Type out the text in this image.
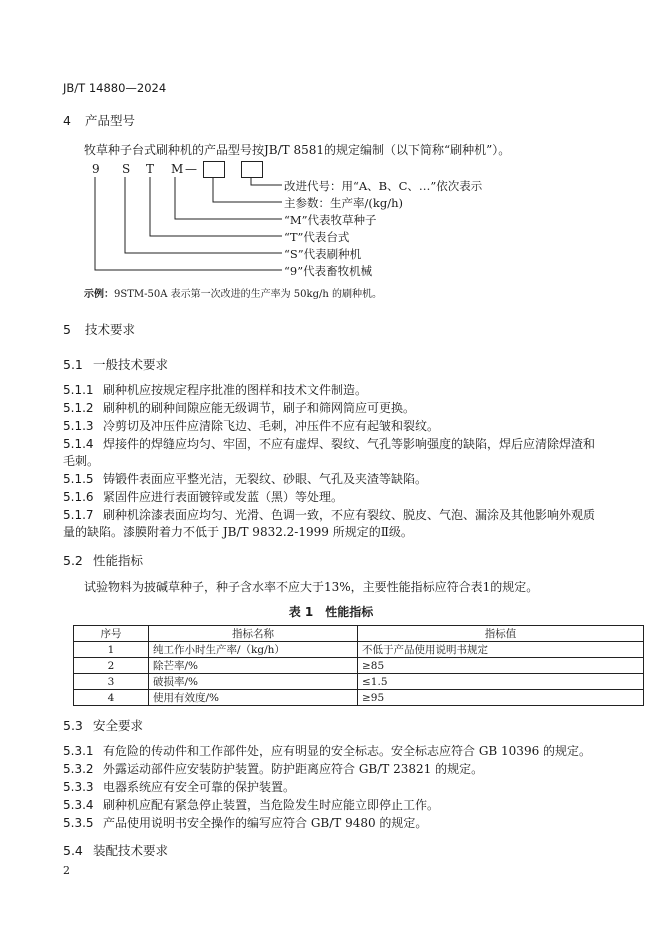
JB/T 14880—2024
4 产品型号
牧草种子台式刷种机的产品型号按JB/T 8581的规定编制（以下简称“刷种机”）。
9 S T M —
改进代号：用“A、B、C、…”依次表示
主参数：生产率/(kg/h)
“M”代表牧草种子
“T”代表台式
“S”代表刷种机
“9”代表畜牧机械
示例：9STM-50A 表示第一次改进的生产率为 50kg/h 的刷种机。
5 技术要求
5.1 一般技术要求
5.1.1 刷种机应按规定程序批准的图样和技术文件制造。
5.1.2 刷种机的刷种间隙应能无级调节，刷子和筛网筒应可更换。
5.1.3 冷剪切及冲压件应清除飞边、毛刺，冲压件不应有起皱和裂纹。
5.1.4 焊接件的焊缝应均匀、牢固，不应有虚焊、裂纹、气孔等影响强度的缺陷，焊后应清除焊渣和
毛刺。
5.1.5 铸锻件表面应平整光洁，无裂纹、砂眼、气孔及夹渣等缺陷。
5.1.6 紧固件应进行表面镀锌或发蓝（黑）等处理。
5.1.7 刷种机涂漆表面应均匀、光滑、色调一致，不应有裂纹、脱皮、气泡、漏涂及其他影响外观质
量的缺陷。漆膜附着力不低于 JB/T 9832.2-1999 所规定的Ⅱ级。
5.2 性能指标
试验物料为披碱草种子，种子含水率不应大于13%，主要性能指标应符合表1的规定。
表 1　性能指标
序号	指标名称	指标值
1	纯工作小时生产率/（kg/h）	不低于产品使用说明书规定
2	除芒率/%	≥85
3	破损率/%	≤1.5
4	使用有效度/%	≥95
5.3 安全要求
5.3.1 有危险的传动件和工作部件处，应有明显的安全标志。安全标志应符合 GB 10396 的规定。
5.3.2 外露运动部件应安装防护装置。防护距离应符合 GB/T 23821 的规定。
5.3.3 电器系统应有安全可靠的保护装置。
5.3.4 刷种机应配有紧急停止装置，当危险发生时应能立即停止工作。
5.3.5 产品使用说明书安全操作的编写应符合 GB/T 9480 的规定。
5.4 装配技术要求
2
